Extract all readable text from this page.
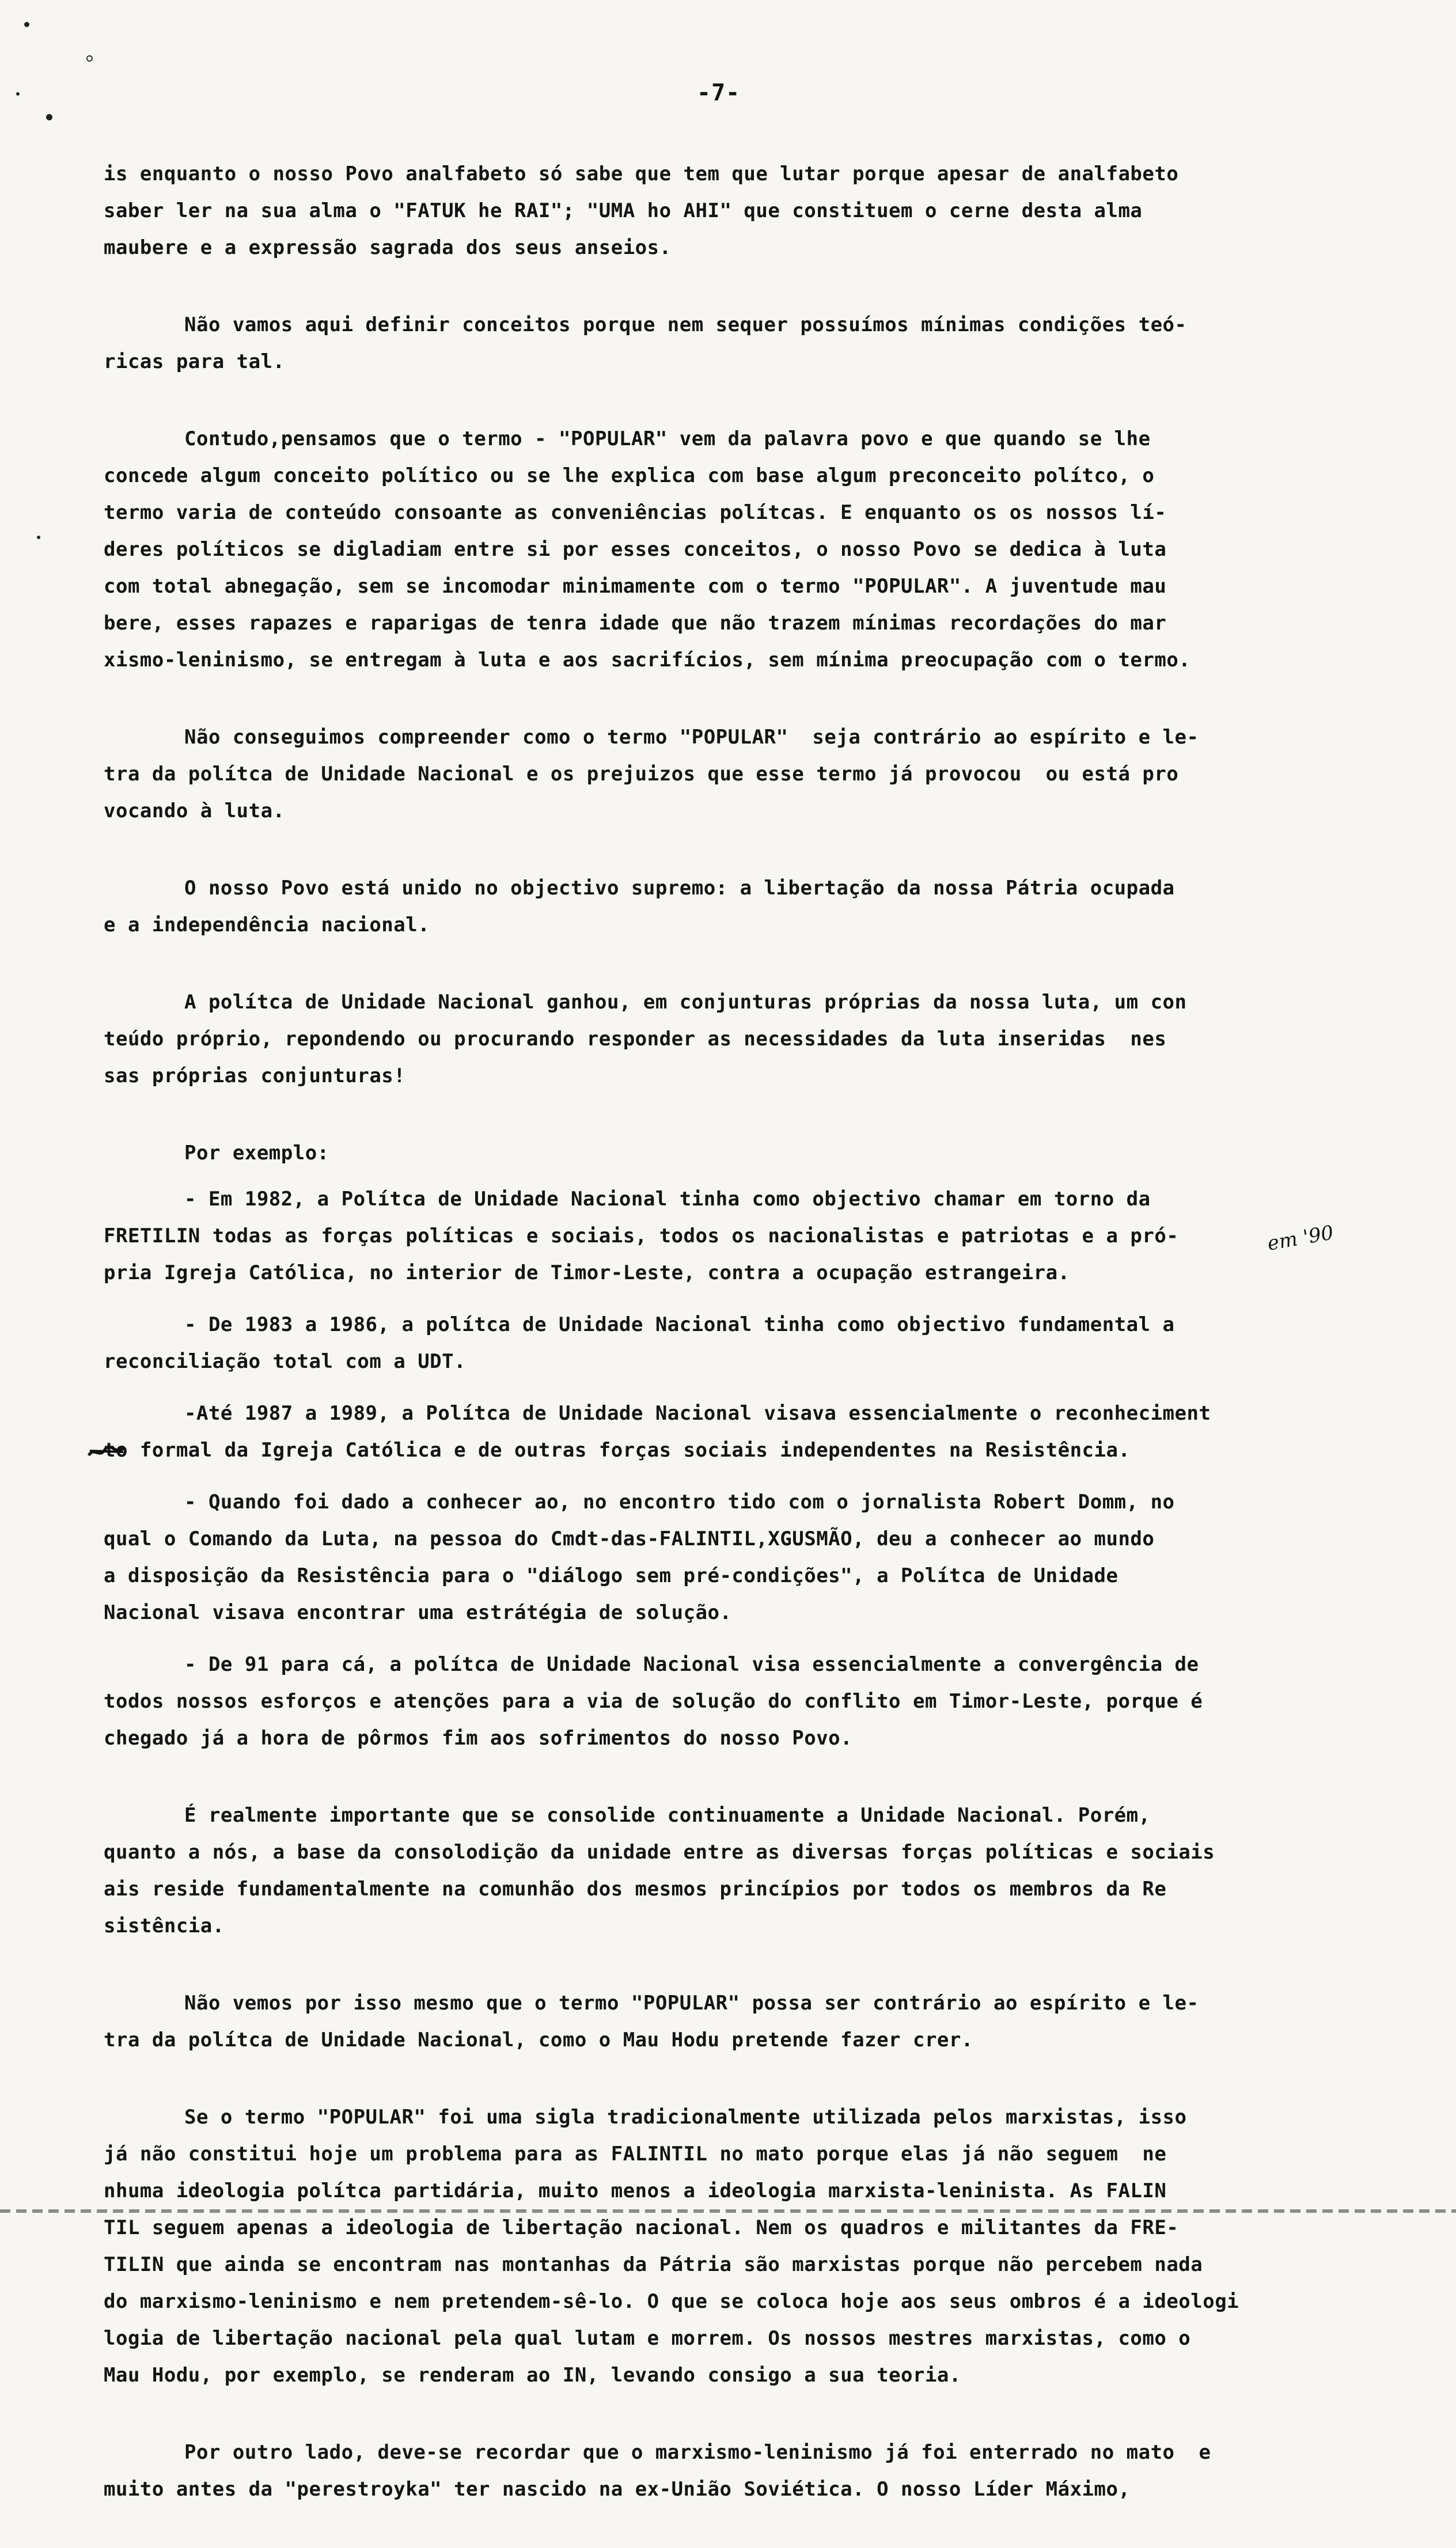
-7-
is enquanto o nosso Povo analfabeto só sabe que tem que lutar porque apesar de analfabeto
saber ler na sua alma o "FATUK he RAI"; "UMA ho AHI" que constituem o cerne desta alma
maubere e a expressão sagrada dos seus anseios.
Não vamos aqui definir conceitos porque nem sequer possuímos mínimas condições teó-
ricas para tal.
Contudo,pensamos que o termo - "POPULAR" vem da palavra povo e que quando se lhe
concede algum conceito político ou se lhe explica com base algum preconceito polítco, o
termo varia de conteúdo consoante as conveniências polítcas. E enquanto os os nossos lí-
deres políticos se digladiam entre si por esses conceitos, o nosso Povo se dedica à luta
com total abnegação, sem se incomodar minimamente com o termo "POPULAR". A juventude mau
bere, esses rapazes e raparigas de tenra idade que não trazem mínimas recordações do mar
xismo-leninismo, se entregam à luta e aos sacrifícios, sem mínima preocupação com o termo.
Não conseguimos compreender como o termo "POPULAR"  seja contrário ao espírito e le-
tra da polítca de Unidade Nacional e os prejuizos que esse termo já provocou  ou está pro
vocando à luta.
O nosso Povo está unido no objectivo supremo: a libertação da nossa Pátria ocupada
e a independência nacional.
A polítca de Unidade Nacional ganhou, em conjunturas próprias da nossa luta, um con
teúdo próprio, repondendo ou procurando responder as necessidades da luta inseridas  nes
sas próprias conjunturas!
Por exemplo:
- Em 1982, a Polítca de Unidade Nacional tinha como objectivo chamar em torno da
FRETILIN todas as forças políticas e sociais, todos os nacionalistas e patriotas e a pró-
pria Igreja Católica, no interior de Timor-Leste, contra a ocupação estrangeira.
- De 1983 a 1986, a polítca de Unidade Nacional tinha como objectivo fundamental a
reconciliação total com a UDT.
-Até 1987 a 1989, a Polítca de Unidade Nacional visava essencialmente o reconheciment
to formal da Igreja Católica e de outras forças sociais independentes na Resistência.
- Quando foi dado a conhecer ao, no encontro tido com o jornalista Robert Domm, no
qual o Comando da Luta, na pessoa do Cmdt-das-FALINTIL,XGUSMÃO, deu a conhecer ao mundo
a disposição da Resistência para o "diálogo sem pré-condições", a Polítca de Unidade
Nacional visava encontrar uma estrátégia de solução.
- De 91 para cá, a polítca de Unidade Nacional visa essencialmente a convergência de
todos nossos esforços e atenções para a via de solução do conflito em Timor-Leste, porque é
chegado já a hora de pôrmos fim aos sofrimentos do nosso Povo.
É realmente importante que se consolide continuamente a Unidade Nacional. Porém,
quanto a nós, a base da consolodição da unidade entre as diversas forças políticas e sociais
ais reside fundamentalmente na comunhão dos mesmos princípios por todos os membros da Re
sistência.
Não vemos por isso mesmo que o termo "POPULAR" possa ser contrário ao espírito e le-
tra da polítca de Unidade Nacional, como o Mau Hodu pretende fazer crer.
Se o termo "POPULAR" foi uma sigla tradicionalmente utilizada pelos marxistas, isso
já não constitui hoje um problema para as FALINTIL no mato porque elas já não seguem  ne
nhuma ideologia polítca partidária, muito menos a ideologia marxista-leninista. As FALIN
TIL seguem apenas a ideologia de libertação nacional. Nem os quadros e militantes da FRE-
TILIN que ainda se encontram nas montanhas da Pátria são marxistas porque não percebem nada
do marxismo-leninismo e nem pretendem-sê-lo. O que se coloca hoje aos seus ombros é a ideologi
logia de libertação nacional pela qual lutam e morrem. Os nossos mestres marxistas, como o
Mau Hodu, por exemplo, se renderam ao IN, levando consigo a sua teoria.
Por outro lado, deve-se recordar que o marxismo-leninismo já foi enterrado no mato  e
muito antes da "perestroyka" ter nascido na ex-União Soviética. O nosso Líder Máximo,
em '90
